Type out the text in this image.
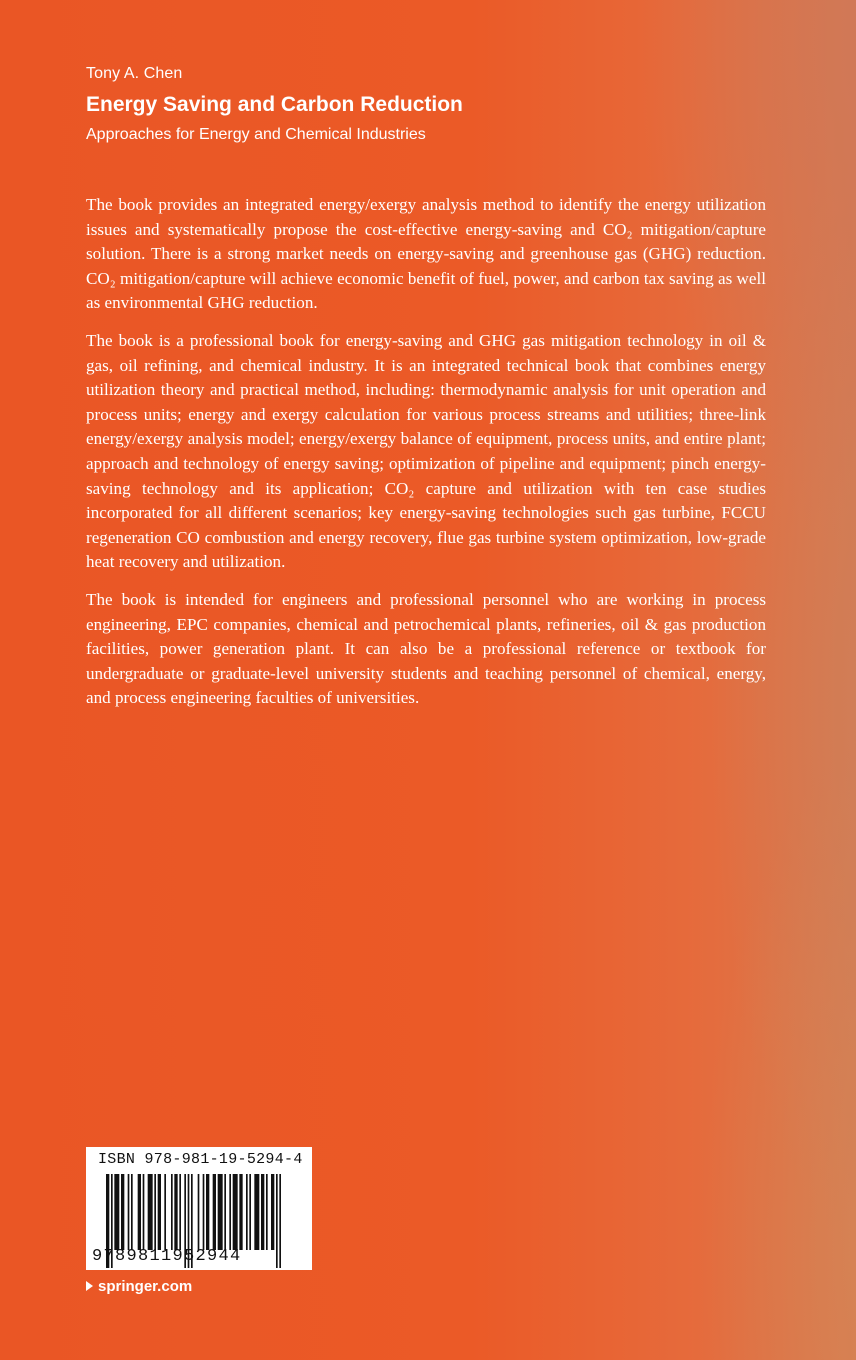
Tony A. Chen
Energy Saving and Carbon Reduction
Approaches for Energy and Chemical Industries

The book provides an integrated energy/exergy analysis method to identify the energy utilization issues and systematically propose the cost-effective energy-saving and CO₂ mitigation/capture solution. There is a strong market needs on energy-saving and greenhouse gas (GHG) reduction. CO₂ mitigation/capture will achieve economic benefit of fuel, power, and carbon tax saving as well as environmental GHG reduction.

The book is a professional book for energy-saving and GHG gas mitigation technology in oil & gas, oil refining, and chemical industry. It is an integrated technical book that combines energy utilization theory and practical method, including: thermodynamic analysis for unit operation and process units; energy and exergy calculation for various process streams and utilities; three-link energy/exergy analysis model; energy/exergy balance of equipment, process units, and entire plant; approach and technology of energy saving; optimization of pipeline and equipment; pinch energy-saving technology and its application; CO₂ capture and utilization with ten case studies incorporated for all different scenarios; key energy-saving technologies such gas turbine, FCCU regeneration CO combustion and energy recovery, flue gas turbine system optimization, low-grade heat recovery and utilization.

The book is intended for engineers and professional personnel who are working in process engineering, EPC companies, chemical and petrochemical plants, refineries, oil & gas production facilities, power generation plant. It can also be a professional reference or textbook for undergraduate or graduate-level university students and teaching personnel of chemical, energy, and process engineering faculties of universities.

ISBN 978-981-19-5294-4
9789811952944
springer.com
